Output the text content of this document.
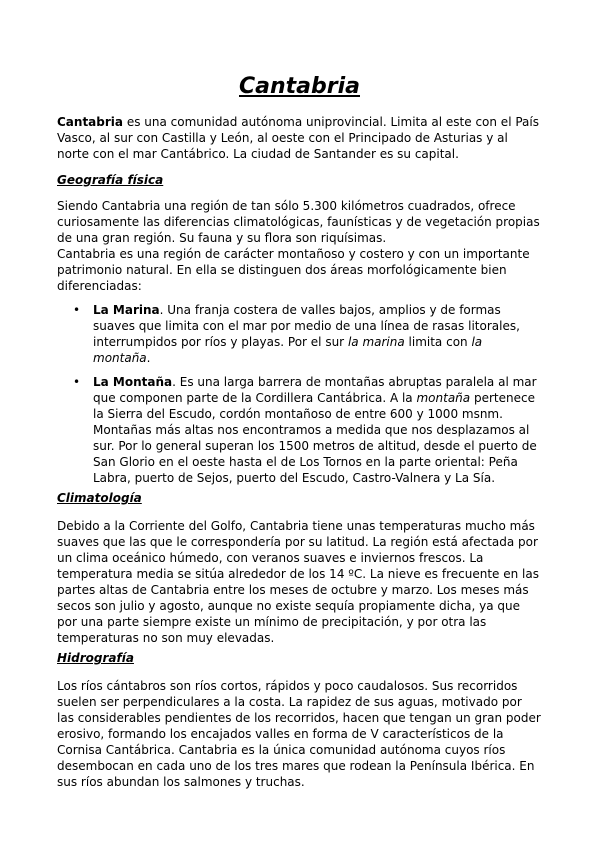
Cantabria

Cantabria es una comunidad autónoma uniprovincial. Limita al este con el País Vasco, al sur con Castilla y León, al oeste con el Principado de Asturias y al norte con el mar Cantábrico. La ciudad de Santander es su capital.

Geografía física

Siendo Cantabria una región de tan sólo 5.300 kilómetros cuadrados, ofrece curiosamente las diferencias climatológicas, faunísticas y de vegetación propias de una gran región. Su fauna y su flora son riquísimas.

Cantabria es una región de carácter montañoso y costero y con un importante patrimonio natural. En ella se distinguen dos áreas morfológicamente bien diferenciadas:

• La Marina. Una franja costera de valles bajos, amplios y de formas suaves que limita con el mar por medio de una línea de rasas litorales, interrumpidos por ríos y playas. Por el sur la marina limita con la montaña.
• La Montaña. Es una larga barrera de montañas abruptas paralela al mar que componen parte de la Cordillera Cantábrica. A la montaña pertenece la Sierra del Escudo, cordón montañoso de entre 600 y 1000 msnm. Montañas más altas nos encontramos a medida que nos desplazamos al sur. Por lo general superan los 1500 metros de altitud, desde el puerto de San Glorio en el oeste hasta el de Los Tornos en la parte oriental: Peña Labra, puerto de Sejos, puerto del Escudo, Castro-Valnera y La Sía.
Climatología

Debido a la Corriente del Golfo, Cantabria tiene unas temperaturas mucho más suaves que las que le correspondería por su latitud. La región está afectada por un clima oceánico húmedo, con veranos suaves e inviernos frescos. La temperatura media se sitúa alrededor de los 14 ºC. La nieve es frecuente en las partes altas de Cantabria entre los meses de octubre y marzo. Los meses más secos son julio y agosto, aunque no existe sequía propiamente dicha, ya que por una parte siempre existe un mínimo de precipitación, y por otra las temperaturas no son muy elevadas.

Hidrografía

Los ríos cántabros son ríos cortos, rápidos y poco caudalosos. Sus recorridos suelen ser perpendiculares a la costa. La rapidez de sus aguas, motivado por las considerables pendientes de los recorridos, hacen que tengan un gran poder erosivo, formando los encajados valles en forma de V característicos de la Cornisa Cantábrica. Cantabria es la única comunidad autónoma cuyos ríos desembocan en cada uno de los tres mares que rodean la Península Ibérica. En sus ríos abundan los salmones y truchas.
